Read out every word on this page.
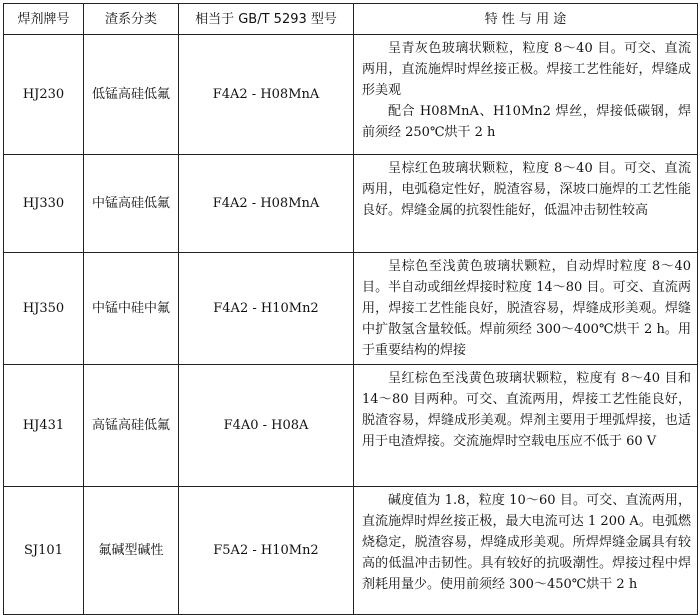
焊剂牌号	渣系分类	相当于 GB/T 5293 型号	特 性 与 用 途
HJ230	低锰高硅低氟	F4A2 - H08MnA	呈青灰色玻璃状颗粒，粒度 8～40 目。可交、直流两用，直流施焊时焊丝接正极。焊接工艺性能好，焊缝成形美观

配合 H08MnA、H10Mn2 焊丝，焊接低碳钢，焊前须经 250℃烘干 2 h

HJ330	中锰高硅低氟	F4A2 - H08MnA	呈棕红色玻璃状颗粒，粒度 8～40 目。可交、直流两用，电弧稳定性好，脱渣容易，深坡口施焊的工艺性能良好。焊缝金属的抗裂性能好，低温冲击韧性较高

HJ350	中锰中硅中氟	F4A2 - H10Mn2	呈棕色至浅黄色玻璃状颗粒，自动焊时粒度 8～40 目。半自动或细丝焊接时粒度 14～80 目。可交、直流两用，焊接工艺性能良好，脱渣容易，焊缝成形美观。焊缝中扩散氢含量较低。焊前须经 300～400℃烘干 2 h。用于重要结构的焊接

HJ431	高锰高硅低氟	F4A0 - H08A	呈红棕色至浅黄色玻璃状颗粒，粒度有 8～40 目和 14～80 目两种。可交、直流两用，焊接工艺性能良好，脱渣容易，焊缝成形美观。焊剂主要用于埋弧焊接，也适用于电渣焊接。交流施焊时空载电压应不低于 60 V

SJ101	氟碱型碱性	F5A2 - H10Mn2	碱度值为 1.8，粒度 10～60 目。可交、直流两用，直流施焊时焊丝接正极，最大电流可达 1 200 A。电弧燃烧稳定，脱渣容易，焊缝成形美观。所焊焊缝金属具有较高的低温冲击韧性。具有较好的抗吸潮性。焊接过程中焊剂耗用量少。使用前须经 300～450℃烘干 2 h
